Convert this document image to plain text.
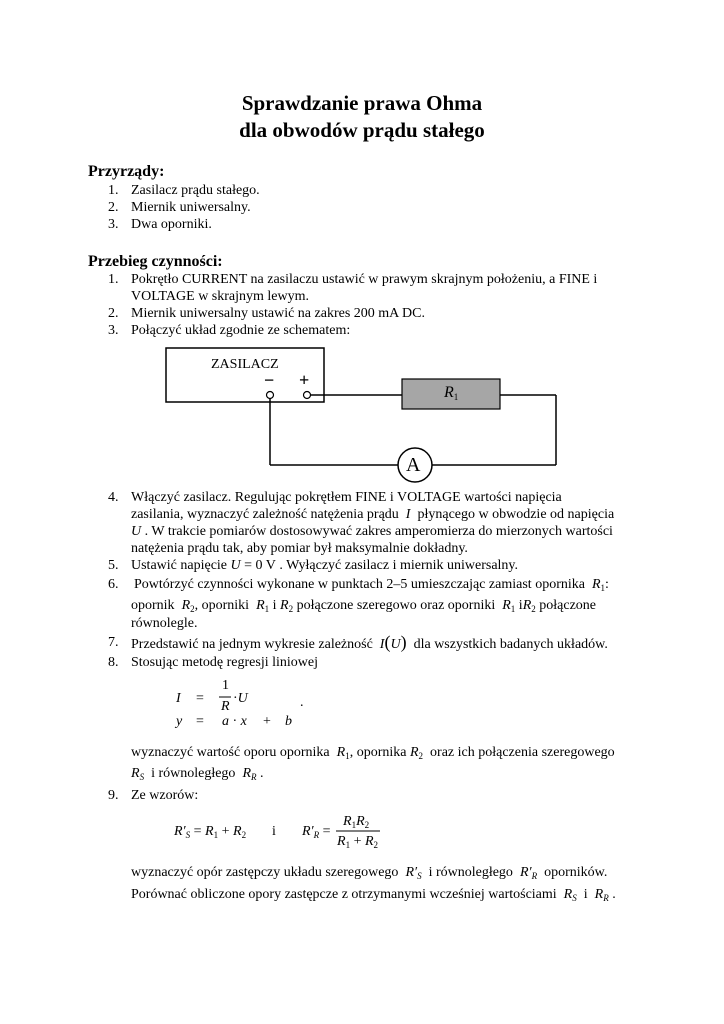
Sprawdzanie prawa Ohma
dla obwodów prądu stałego
Przyrządy:
1. Zasilacz prądu stałego.
2. Miernik uniwersalny.
3. Dwa oporniki.
Przebieg czynności:
1. Pokrętło CURRENT na zasilaczu ustawić w prawym skrajnym położeniu, a FINE i
VOLTAGE w skrajnym lewym.
2. Miernik uniwersalny ustawić na zakres 200 mA DC.
3. Połączyć układ zgodnie ze schematem:
ZASILACZ
− +
$R_1$
A
4. Włączyć zasilacz. Regulując pokrętłem FINE i VOLTAGE wartości napięcia
zasilania, wyznaczyć zależność natężenia prądu I płynącego w obwodzie od napięcia
U . W trakcie pomiarów dostosowywać zakres amperomierza do mierzonych wartości
natężenia prądu tak, aby pomiar był maksymalnie dokładny.
5. Ustawić napięcie U = 0 V . Wyłączyć zasilacz i miernik uniwersalny.
6. Powtórzyć czynności wykonane w punktach 2–5 umieszczając zamiast opornika $R_1$:
opornik $R_2$, oporniki $R_1$ i $R_2$ połączone szeregowo oraz oporniki $R_1$ $iR_2$ połączone
równolegle.
7. Przedstawić na jednym wykresie zależność I(U) dla wszystkich badanych układów.
8. Stosując metodę regresji liniowej
I =
1
R
·U	.
y = a · x + b
wyznaczyć wartość oporu opornika $R_1$, opornika $R_2$ oraz ich połączenia szeregowego
$R_S$ i równoległego $R_R$ .
9. Ze wzorów:
$R'_S = R_1 + R_2$ i $R'_R$ =
$R_1R_2$
$R_1 + R_2$
wyznaczyć opór zastępczy układu szeregowego $R'_S$ i równoległego $R'_R$ oporników.
Porównać obliczone opory zastępcze z otrzymanymi wcześniej wartościami $R_S$ i $R_R$ .
